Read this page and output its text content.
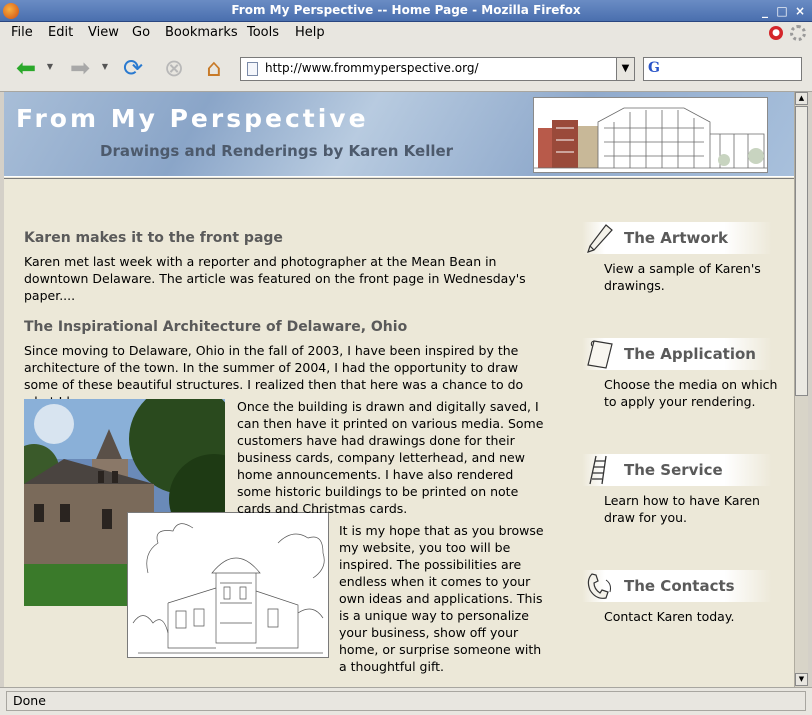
From My Perspective -- Home Page - Mozilla Firefox	_ □ ×
File Edit View Go Bookmarks Tools Help	●
⬅	▼ ➡	▼ ⟳ ⊗ ⌂
http://www.frommyperspective.org/	▼	G
From My Perspective
Drawings and Renderings by Karen Keller
Karen makes it to the front page
Karen met last week with a reporter and photographer at the Mean Bean in downtown Delaware. The article was featured on the front page in Wednesday's paper....
The Inspirational Architecture of Delaware, Ohio
Since moving to Delaware, Ohio in the fall of 2003, I have been inspired by the architecture of the town. In the summer of 2004, I had the opportunity to draw some of these beautiful structures. I realized then that here was a chance to do
Once the building is drawn and digitally saved, I can then have it printed on various media. Some customers have had drawings done for their business cards, company letterhead, and new home announcements. I have also rendered some historic buildings to be printed on note cards and Christmas cards.
It is my hope that as you browse my website, you too will be inspired. The possibilities are endless when it comes to your own ideas and applications. This is a unique way to personalize your business, show off your home, or surprise someone with a thoughtful gift.
The Artwork
View a sample of Karen's drawings.
The Application
Choose the media on which to apply your rendering.
The Service
Learn how to have Karen draw for you.
The Contacts
Contact Karen today.
▲
▼
Done
